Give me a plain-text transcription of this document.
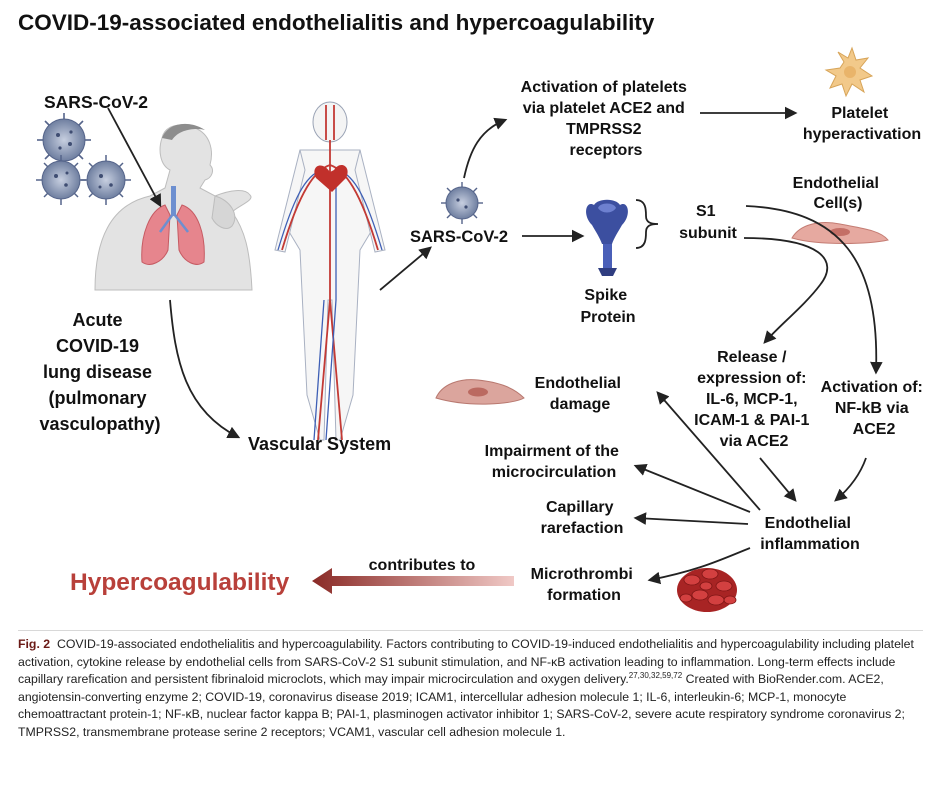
COVID-19-associated endothelialitis and hypercoagulability
SARS-CoV-2
Acute COVID-19 lung disease (pulmonary vasculopathy)
Vascular System
SARS-CoV-2
Activation of platelets via platelet ACE2 and TMPRSS2 receptors
Platelet hyperactivation
Endothelial Cell(s)
S1 subunit
Spike Protein
Release / expression of: IL-6, MCP-1, ICAM-1 & PAI-1 via ACE2
Activation of: NF-kB via ACE2
Endothelial damage
Impairment of the microcirculation
Capillary rarefaction	Endothelial inflammation
contributes to
Microthrombi formation
Hypercoagulability
Fig. 2 COVID-19-associated endothelialitis and hypercoagulability. Factors contributing to COVID-19-induced endothelialitis and hypercoagulability including platelet activation, cytokine release by endothelial cells from SARS-CoV-2 S1 subunit stimulation, and NF-κB activation leading to inflammation. Long-term effects include capillary rarefication and persistent fibrinaloid microclots, which may impair microcirculation and oxygen delivery.$^{27,30,32,59,72}$ Created with BioRender.com. ACE2, angiotensin-converting enzyme 2; COVID-19, coronavirus disease 2019; ICAM1, intercellular adhesion molecule 1; IL-6, interleukin-6; MCP-1, monocyte chemoattractant protein-1; NF-κB, nuclear factor kappa B; PAI-1, plasminogen activator inhibitor 1; SARS-CoV-2, severe acute respiratory syndrome coronavirus 2; TMPRSS2, transmembrane protease serine 2 receptors; VCAM1, vascular cell adhesion molecule 1.
